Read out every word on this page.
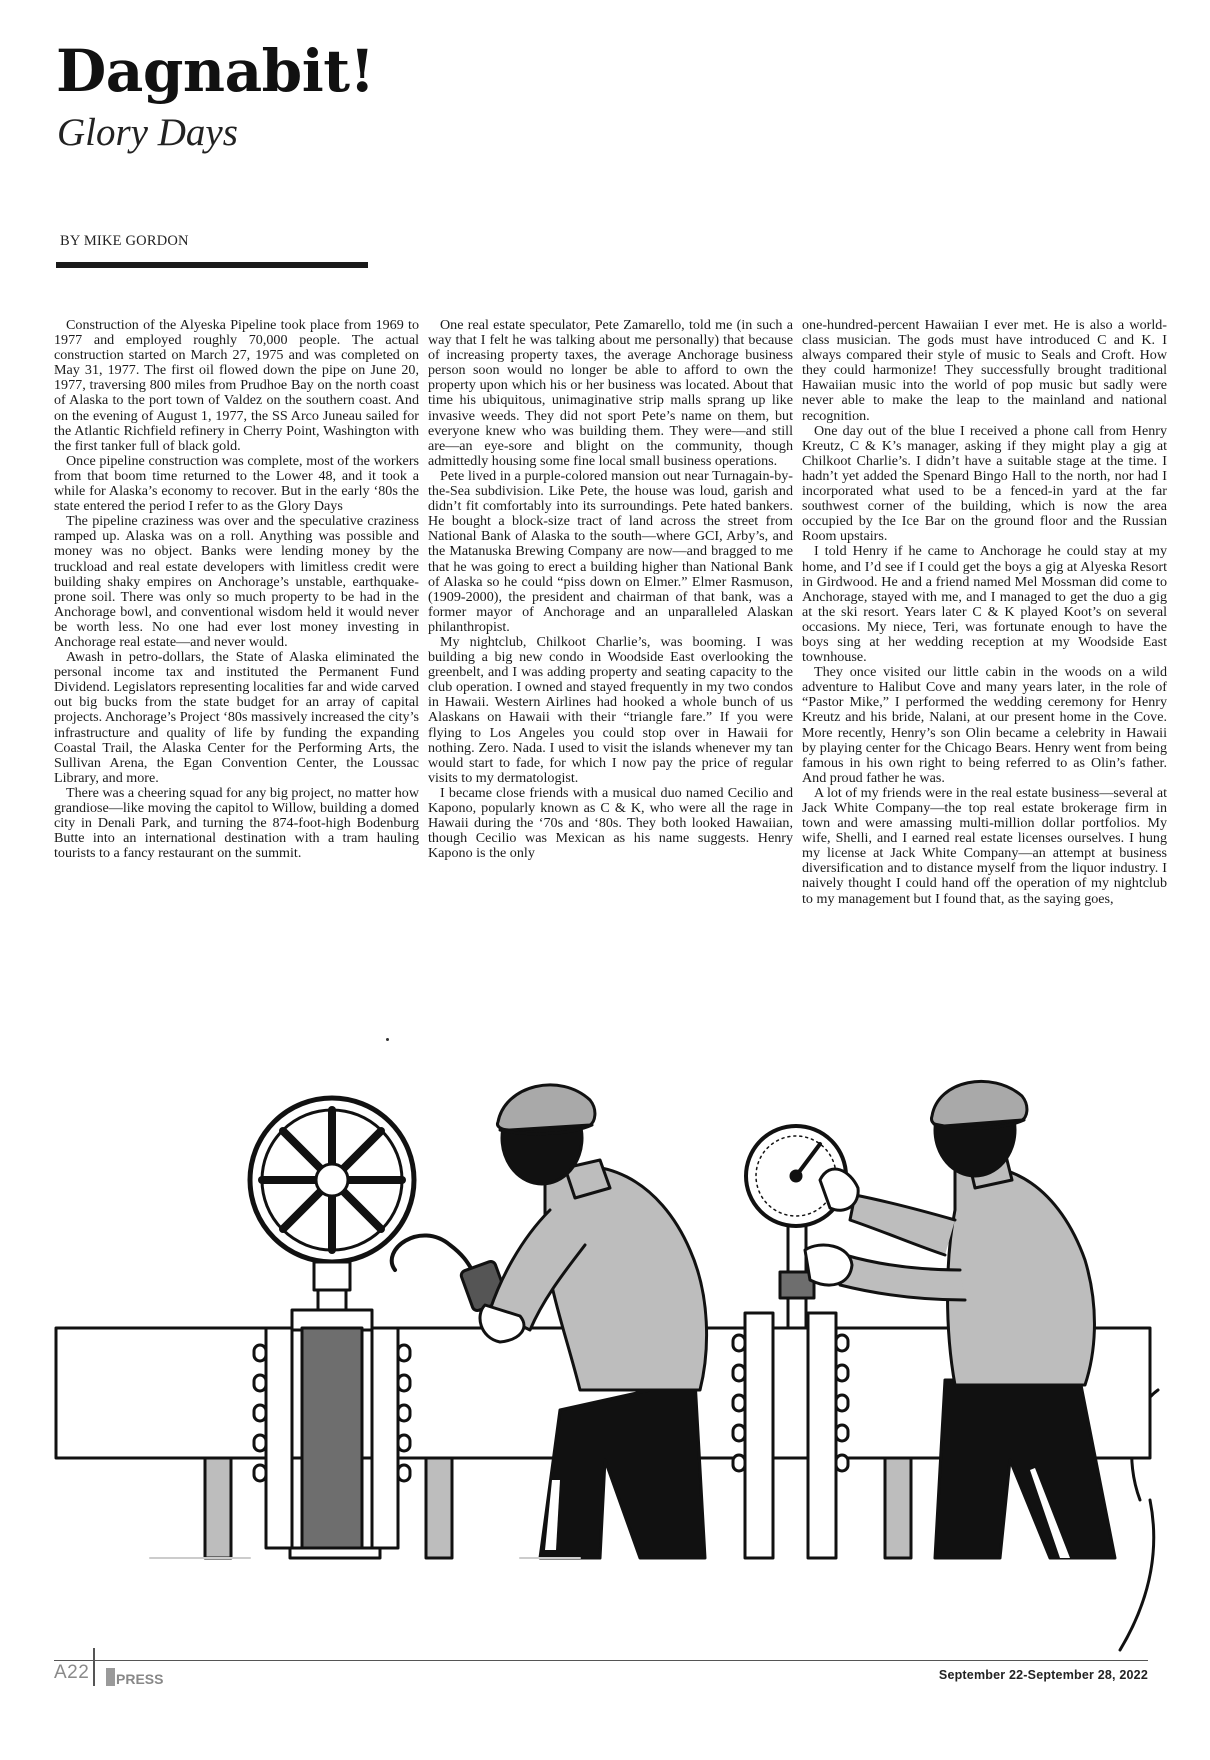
Dagnabit!
Glory Days
BY MIKE GORDON

Construction of the Alyeska Pipeline took place from 1969 to 1977 and employed roughly 70,000 people. The actual construction started on March 27, 1975 and was completed on May 31, 1977. The first oil flowed down the pipe on June 20, 1977, traversing 800 miles from Prudhoe Bay on the north coast of Alaska to the port town of Valdez on the southern coast. And on the evening of August 1, 1977, the SS Arco Juneau sailed for the Atlantic Richfield refinery in Cherry Point, Washington with the first tanker full of black gold.

Once pipeline construction was complete, most of the workers from that boom time returned to the Lower 48, and it took a while for Alaska’s economy to recover. But in the early ‘80s the state entered the period I refer to as the Glory Days

The pipeline craziness was over and the speculative craziness ramped up. Alaska was on a roll. Anything was possible and money was no object. Banks were lending money by the truckload and real estate developers with limitless credit were building shaky empires on Anchorage’s unstable, earthquake-prone soil. There was only so much property to be had in the Anchorage bowl, and conventional wisdom held it would never be worth less. No one had ever lost money investing in Anchorage real estate—and never would.

Awash in petro-dollars, the State of Alaska eliminated the personal income tax and instituted the Permanent Fund Dividend. Legislators representing localities far and wide carved out big bucks from the state budget for an array of capital projects. Anchorage’s Project ‘80s massively increased the city’s infrastructure and quality of life by funding the expanding Coastal Trail, the Alaska Center for the Performing Arts, the Sullivan Arena, the Egan Convention Center, the Loussac Library, and more.

There was a cheering squad for any big project, no matter how grandiose—like moving the capitol to Willow, building a domed city in Denali Park, and turning the 874-foot-high Bodenburg Butte into an international destination with a tram hauling tourists to a fancy restaurant on the summit.

One real estate speculator, Pete Zamarello, told me (in such a way that I felt he was talking about me personally) that because of increasing property taxes, the average Anchorage business person soon would no longer be able to afford to own the property upon which his or her business was located. About that time his ubiquitous, unimaginative strip malls sprang up like invasive weeds. They did not sport Pete’s name on them, but everyone knew who was building them. They were—and still are—an eye-sore and blight on the community, though admittedly housing some fine local small business operations.

Pete lived in a purple-colored mansion out near Turnagain-by-the-Sea subdivision. Like Pete, the house was loud, garish and didn’t fit comfortably into its surroundings. Pete hated bankers. He bought a block-size tract of land across the street from National Bank of Alaska to the south—where GCI, Arby’s, and the Matanuska Brewing Company are now—and bragged to me that he was going to erect a building higher than National Bank of Alaska so he could “piss down on Elmer.” Elmer Rasmuson, (1909-2000), the president and chairman of that bank, was a former mayor of Anchorage and an unparalleled Alaskan philanthropist.

My nightclub, Chilkoot Charlie’s, was booming. I was building a big new condo in Woodside East overlooking the greenbelt, and I was adding property and seating capacity to the club operation. I owned and stayed frequently in my two condos in Hawaii. Western Airlines had hooked a whole bunch of us Alaskans on Hawaii with their “triangle fare.” If you were flying to Los Angeles you could stop over in Hawaii for nothing. Zero. Nada. I used to visit the islands whenever my tan would start to fade, for which I now pay the price of regular visits to my dermatologist.

I became close friends with a musical duo named Cecilio and Kapono, popularly known as C & K, who were all the rage in Hawaii during the ‘70s and ‘80s. They both looked Hawaiian, though Cecilio was Mexican as his name suggests. Henry Kapono is the only

one-hundred-percent Hawaiian I ever met. He is also a world-class musician. The gods must have introduced C and K. I always compared their style of music to Seals and Croft. How they could harmonize! They successfully brought traditional Hawaiian music into the world of pop music but sadly were never able to make the leap to the mainland and national recognition.

One day out of the blue I received a phone call from Henry Kreutz, C & K’s manager, asking if they might play a gig at Chilkoot Charlie’s. I didn’t have a suitable stage at the time. I hadn’t yet added the Spenard Bingo Hall to the north, nor had I incorporated what used to be a fenced-in yard at the far southwest corner of the building, which is now the area occupied by the Ice Bar on the ground floor and the Russian Room upstairs.

I told Henry if he came to Anchorage he could stay at my home, and I’d see if I could get the boys a gig at Alyeska Resort in Girdwood. He and a friend named Mel Mossman did come to Anchorage, stayed with me, and I managed to get the duo a gig at the ski resort. Years later C & K played Koot’s on several occasions. My niece, Teri, was fortunate enough to have the boys sing at her wedding reception at my Woodside East townhouse.

They once visited our little cabin in the woods on a wild adventure to Halibut Cove and many years later, in the role of “Pastor Mike,” I performed the wedding ceremony for Henry Kreutz and his bride, Nalani, at our present home in the Cove. More recently, Henry’s son Olin became a celebrity in Hawaii by playing center for the Chicago Bears. Henry went from being famous in his own right to being referred to as Olin’s father. And proud father he was.

A lot of my friends were in the real estate business—several at Jack White Company—the top real estate brokerage firm in town and were amassing multi-million dollar portfolios. My wife, Shelli, and I earned real estate licenses ourselves. I hung my license at Jack White Company—an attempt at business diversification and to distance myself from the liquor industry. I naively thought I could hand off the operation of my nightclub to my management but I found that, as the saying goes,

A22 PRESS	September 22-September 28, 2022
